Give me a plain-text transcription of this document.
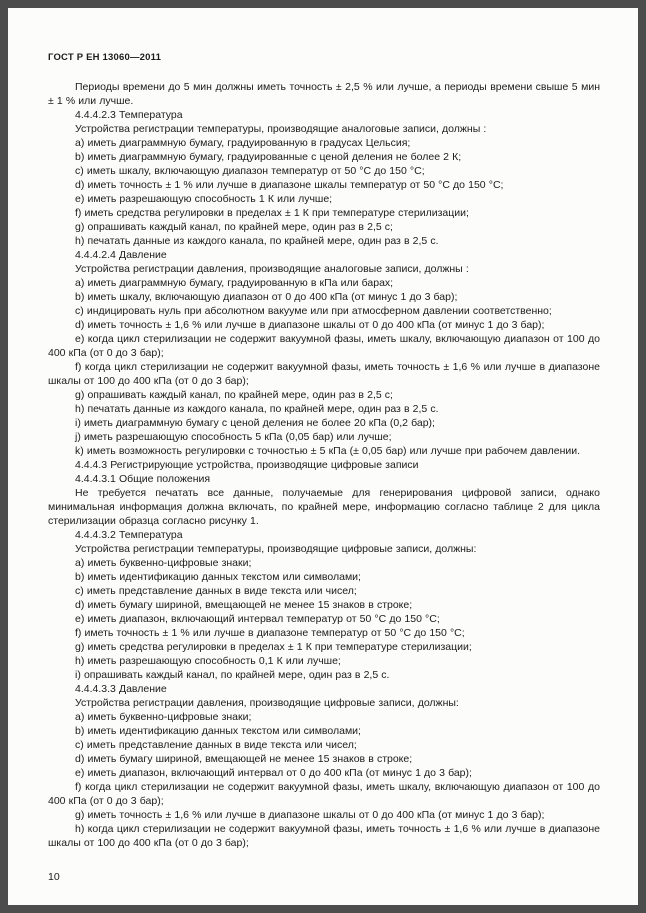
ГОСТ Р ЕН 13060—2011

Периоды времени до 5 мин должны иметь точность ± 2,5 % или лучше, а периоды времени свыше 5 мин ± 1 % или лучше.

4.4.4.2.3 Температура

Устройства регистрации температуры, производящие аналоговые записи, должны :

a) иметь диаграммную бумагу, градуированную в градусах Цельсия;

b) иметь диаграммную бумагу, градуированные с ценой деления не более 2 К;

c) иметь шкалу, включающую диапазон температур от 50 °С до 150 °С;

d) иметь точность ± 1 % или лучше в диапазоне шкалы температур от 50 °С до 150 °С;

e) иметь разрешающую способность 1 К или лучше;

f) иметь средства регулировки в пределах ± 1 К при температуре стерилизации;

g) опрашивать каждый канал, по крайней мере, один раз в 2,5 с;

h) печатать данные из каждого канала, по крайней мере, один раз в 2,5 с.

4.4.4.2.4 Давление

Устройства регистрации давления, производящие аналоговые записи, должны :

a) иметь диаграммную бумагу, градуированную в кПа или барах;

b) иметь шкалу, включающую диапазон от 0 до 400 кПа (от минус 1 до 3 бар);

c) индицировать нуль при абсолютном вакууме или при атмосферном давлении соответственно;

d) иметь точность ± 1,6 % или лучше в диапазоне шкалы от 0 до 400 кПа (от минус 1 до 3 бар);

e) когда цикл стерилизации не содержит вакуумной фазы, иметь шкалу, включающую диапазон от 100 до 400 кПа (от 0 до 3 бар);

f) когда цикл стерилизации не содержит вакуумной фазы, иметь точность ± 1,6 % или лучше в диапазоне шкалы от 100 до 400 кПа (от 0 до 3 бар);

g) опрашивать каждый канал, по крайней мере, один раз в 2,5 с;

h) печатать данные из каждого канала, по крайней мере, один раз в 2,5 с.

i) иметь диаграммную бумагу с ценой деления не более 20 кПа (0,2 бар);

j) иметь разрешающую способность 5 кПа (0,05 бар) или лучше;

k) иметь возможность регулировки с точностью ± 5 кПа (± 0,05 бар) или лучше при рабочем давлении.

4.4.4.3 Регистрирующие устройства, производящие цифровые записи

4.4.4.3.1 Общие положения

Не требуется печатать все данные, получаемые для генерирования цифровой записи, однако минимальная информация должна включать, по крайней мере, информацию согласно таблице 2 для цикла стерилизации образца согласно рисунку 1.

4.4.4.3.2 Температура

Устройства регистрации температуры, производящие цифровые записи, должны:

a) иметь буквенно-цифровые знаки;

b) иметь идентификацию данных текстом или символами;

c) иметь представление данных в виде текста или чисел;

d) иметь бумагу шириной, вмещающей не менее 15 знаков в строке;

e) иметь диапазон, включающий интервал температур от 50 °С до 150 °С;

f) иметь точность ± 1 % или лучше в диапазоне температур от 50 °С до 150 °С;

g) иметь средства регулировки в пределах ± 1 К при температуре стерилизации;

h) иметь разрешающую способность 0,1 К или лучше;

i) опрашивать каждый канал, по крайней мере, один раз в 2,5 с.

4.4.4.3.3 Давление

Устройства регистрации давления, производящие цифровые записи, должны:

a) иметь буквенно-цифровые знаки;

b) иметь идентификацию данных текстом или символами;

c) иметь представление данных в виде текста или чисел;

d) иметь бумагу шириной, вмещающей не менее 15 знаков в строке;

e) иметь диапазон, включающий интервал от 0 до 400 кПа (от минус 1 до 3 бар);

f) когда цикл стерилизации не содержит вакуумной фазы, иметь шкалу, включающую диапазон от 100 до 400 кПа (от 0 до 3 бар);

g) иметь точность ± 1,6 % или лучше в диапазоне шкалы от 0 до 400 кПа (от минус 1 до 3 бар);

h) когда цикл стерилизации не содержит вакуумной фазы, иметь точность ± 1,6 % или лучше в диапазоне шкалы от 100 до 400 кПа (от 0 до 3 бар);

10
